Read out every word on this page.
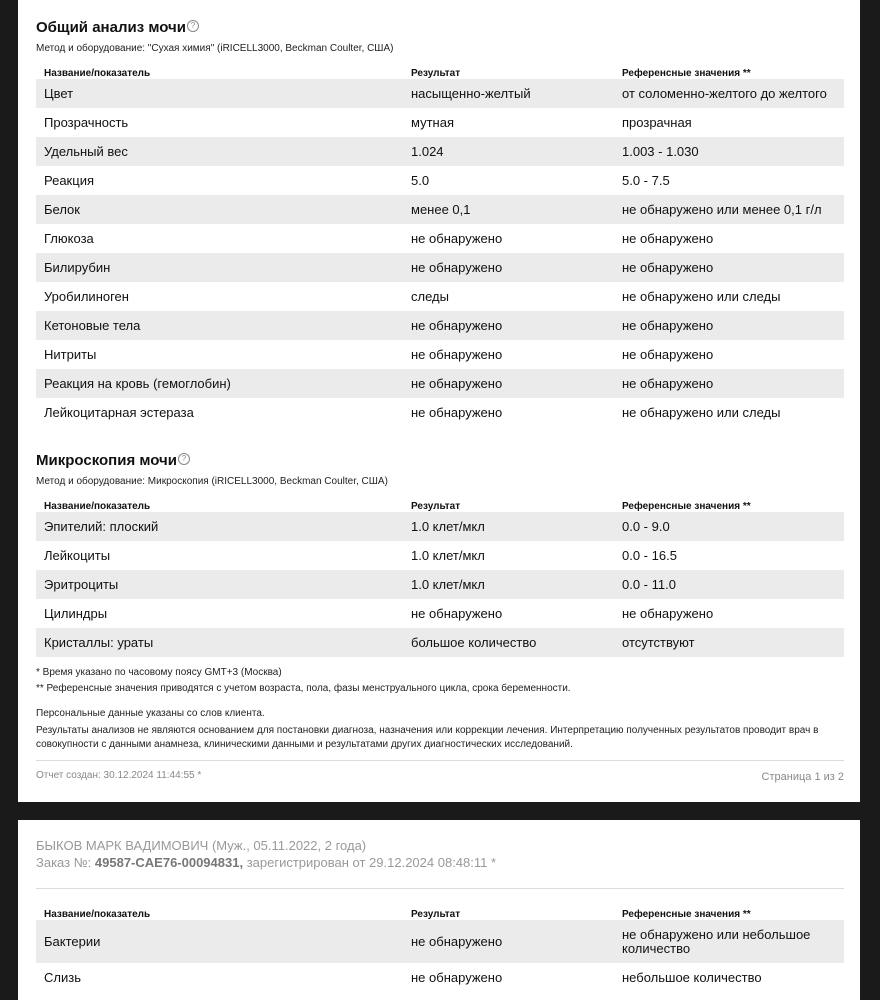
Общий анализ мочи ?
Метод и оборудование: "Сухая химия" (iRICELL3000, Beckman Coulter, США)
Название/показатель	Результат	Референсные значения **
Цвет	насыщенно-желтый	от соломенно-желтого до желтого
Прозрачность	мутная	прозрачная
Удельный вес	1.024	1.003 - 1.030
Реакция	5.0	5.0 - 7.5
Белок	менее 0,1	не обнаружено или менее 0,1 г/л
Глюкоза	не обнаружено	не обнаружено
Билирубин	не обнаружено	не обнаружено
Уробилиноген	следы	не обнаружено или следы
Кетоновые тела	не обнаружено	не обнаружено
Нитриты	не обнаружено	не обнаружено
Реакция на кровь (гемоглобин)	не обнаружено	не обнаружено
Лейкоцитарная эстераза	не обнаружено	не обнаружено или следы
Микроскопия мочи ?
Метод и оборудование: Микроскопия (iRICELL3000, Beckman Coulter, США)
Название/показатель	Результат	Референсные значения **
Эпителий: плоский	1.0 клет/мкл	0.0 - 9.0
Лейкоциты	1.0 клет/мкл	0.0 - 16.5
Эритроциты	1.0 клет/мкл	0.0 - 11.0
Цилиндры	не обнаружено	не обнаружено
Кристаллы: ураты	большое количество	отсутствуют
* Время указано по часовому поясу GMT+3 (Москва)
** Референсные значения приводятся с учетом возраста, пола, фазы менструального цикла, срока беременности.
Персональные данные указаны со слов клиента.
Результаты анализов не являются основанием для постановки диагноза, назначения или коррекции лечения. Интерпретацию полученных результатов проводит врач в совокупности с данными анамнеза, клиническими данными и результатами других диагностических исследований.
Отчет создан: 30.12.2024 11:44:55 *	Страница 1 из 2
БЫКОВ МАРК ВАДИМОВИЧ (Муж., 05.11.2022, 2 года)
Заказ №: 49587-CAE76-00094831, зарегистрирован от 29.12.2024 08:48:11 *
Название/показатель	Результат	Референсные значения **
Бактерии	не обнаружено	не обнаружено или небольшое количество
Слизь	не обнаружено	небольшое количество
